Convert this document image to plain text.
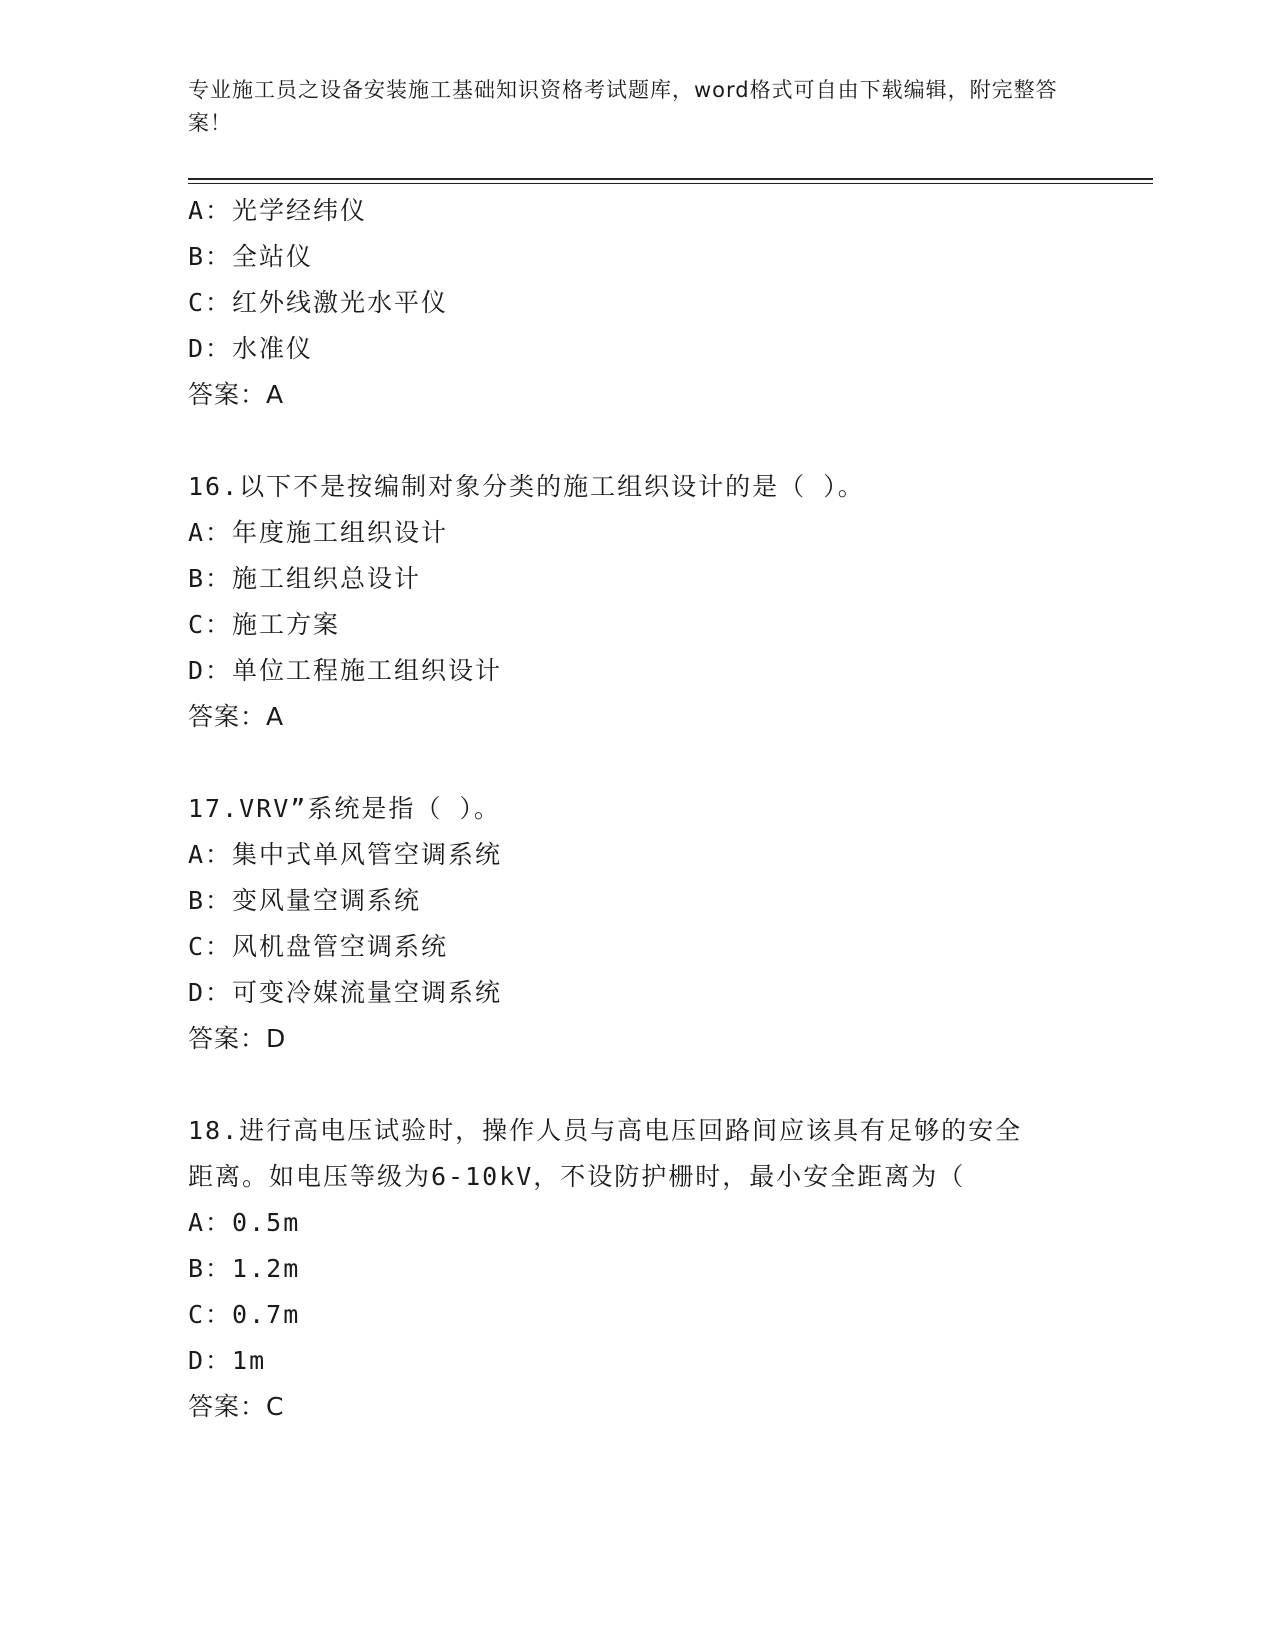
专业施工员之设备安装施工基础知识资格考试题库，word格式可自由下载编辑，附完整答案！
A：光学经纬仪
B：全站仪
C：红外线激光水平仪
D：水准仪
答案：A
16.以下不是按编制对象分类的施工组织设计的是（ ）。
A：年度施工组织设计
B：施工组织总设计
C：施工方案
D：单位工程施工组织设计
答案：A
17.VRV”系统是指（ ）。
A：集中式单风管空调系统
B：变风量空调系统
C：风机盘管空调系统
D：可变冷媒流量空调系统
答案：D
18.进行高电压试验时，操作人员与高电压回路间应该具有足够的安全
距离。如电压等级为6-10kV，不设防护栅时，最小安全距离为（
A：0.5m
B：1.2m
C：0.7m
D：1m
答案：C
